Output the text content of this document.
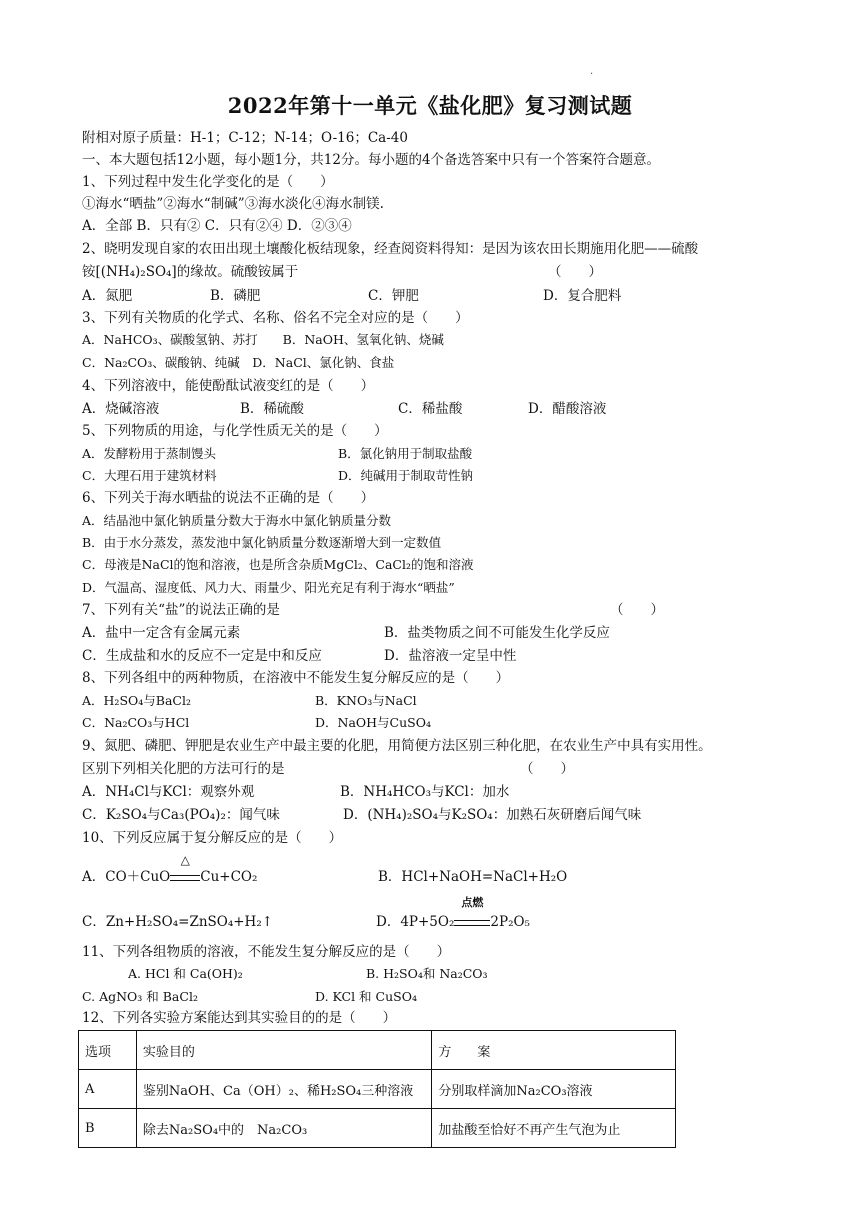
.
2022年第十一单元《盐化肥》复习测试题
附相对原子质量：H-1；C-12；N-14；O-16；Ca-40
一、本大题包括12小题，每小题1分，共12分。每小题的4个备选答案中只有一个答案符合题意。
1、下列过程中发生化学变化的是（　　）
①海水“晒盐”②海水“制碱”③海水淡化④海水制镁.
A．全部 B．只有② C．只有②④ D．②③④
2、晓明发现自家的农田出现土壤酸化板结现象，经查阅资料得知：是因为该农田长期施用化肥——硫酸
铵[(NH₄)₂SO₄]的缘故。硫酸铵属于	（　　）
A．氮肥	B．磷肥	C．钾肥	D．复合肥料
3、下列有关物质的化学式、名称、俗名不完全对应的是（　　）
A．NaHCO₃、碳酸氢钠、苏打　　B．NaOH、氢氧化钠、烧碱
C．Na₂CO₃、碳酸钠、纯碱　D．NaCl、氯化钠、食盐
4、下列溶液中，能使酚酞试液变红的是（　　）
A．烧碱溶液	B．稀硫酸	C．稀盐酸	D．醋酸溶液
5、下列物质的用途，与化学性质无关的是（　　）
A．发酵粉用于蒸制馒头	B．氯化钠用于制取盐酸
C．大理石用于建筑材料	D．纯碱用于制取苛性钠
6、下列关于海水晒盐的说法不正确的是（　　）
A．结晶池中氯化钠质量分数大于海水中氯化钠质量分数
B．由于水分蒸发，蒸发池中氯化钠质量分数逐渐增大到一定数值
C．母液是NaCl的饱和溶液，也是所含杂质MgCl₂、CaCl₂的饱和溶液
D．气温高、湿度低、风力大、雨量少、阳光充足有利于海水“晒盐”
7、下列有关“盐”的说法正确的是	（　　）
A．盐中一定含有金属元素	B．盐类物质之间不可能发生化学反应
C．生成盐和水的反应不一定是中和反应	D．盐溶液一定呈中性
8、下列各组中的两种物质，在溶液中不能发生复分解反应的是（　　）
A．H₂SO₄与BaCl₂	B．KNO₃与NaCl
C．Na₂CO₃与HCl	D．NaOH与CuSO₄
9、氮肥、磷肥、钾肥是农业生产中最主要的化肥，用简便方法区别三种化肥，在农业生产中具有实用性。
区别下列相关化肥的方法可行的是	（　　）
A．NH₄Cl与KCl：观察外观	B．NH₄HCO₃与KCl：加水
C．K₂SO₄与Ca₃(PO₄)₂：闻气味	D．(NH₄)₂SO₄与K₂SO₄：加熟石灰研磨后闻气味
10、下列反应属于复分解反应的是（　　）
A．CO＋CuO
△
Cu+CO₂	B．HCl+NaOH=NaCl+H₂O
C．Zn+H₂SO₄=ZnSO₄+H₂↑	D．4P+5O₂
点燃
2P₂O₅
11、下列各组物质的溶液，不能发生复分解反应的是（　　）
A. HCl 和 Ca(OH)₂	B. H₂SO₄和 Na₂CO₃
C. AgNO₃ 和 BaCl₂	D. KCl 和 CuSO₄
12、下列各实验方案能达到其实验目的的是（　　）
选项	实验目的	方　　案
A	鉴别NaOH、Ca（OH）₂、稀H₂SO₄三种溶液	分别取样滴加Na₂CO₃溶液
B	除去Na₂SO₄中的　Na₂CO₃	加盐酸至恰好不再产生气泡为止
